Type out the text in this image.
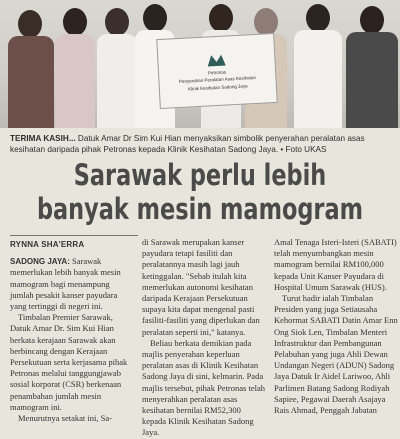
Petronas
Penyerahan Peralatan Asas Kesihatan
Klinik Kesihatan Sadong Jaya
TERIMA KASIH... Datuk Amar Dr Sim Kui Hian menyaksikan simbolik penyerahan peralatan asas kesihatan daripada pihak Petronas kepada Klinik Kesihatan Sadong Jaya. • Foto UKAS
Sarawak perlu lebih
banyak mesin mamogram
RYNNA SHA'ERRA

SADONG JAYA: Sarawak memerlukan lebih banyak mesin mamogram bagi menampung jumlah pesakit kanser payudara yang tertinggi di negeri ini.

Timbalan Premier Sarawak, Datuk Amar Dr. Sim Kui Hian berkata kerajaan Sarawak akan berbincang dengan Kerajaan Persekutuan serta kerjasama pihak Petronas melalui tanggungjawab sosial korporat (CSR) berkenaan penambahan jumlah mesin mamogram ini.

Menurutnya setakat ini, Sa-

di Sarawak merupakan kanser payudara tetapi fasiliti dan peralatannya masih lagi jauh ketinggalan. "Sebab itulah kita memerlukan autonomi kesihatan daripada Kerajaan Persekutuan supaya kita dapat mengenal pasti fasiliti-fasiliti yang diperlukan dan peralatan seperti ini," katanya.

Beliau berkata demikian pada majlis penyerahan keperluan peralatan asas di Klinik Kesihatan Sadong Jaya di sini, kelmarin. Pada majlis tersebut, pihak Petronas telah menyerahkan peralatan asas kesihatan bernilai RM52,300 kepada Klinik Kesihatan Sadong Jaya.

Amal Tenaga Isteri-Isteri (SABATI) telah menyumbangkan mesin mamogram bernilai RM100,000 kepada Unit Kanser Payudara di Hospital Umum Sarawak (HUS).

Turut hadir ialah Timbalan Presiden yang juga Setiausaha Kehormat SABATI Datin Amar Enn Ong Siok Len, Timbalan Menteri Infrastruktur dan Pembangunan Pelabuhan yang juga Ahli Dewan Undangan Negeri (ADUN) Sadong Jaya Datuk Ir Aidel Lariwoo, Ahli Parlimen Batang Sadong Rodiyah Sapiee, Pegawai Daerah Asajaya Rais Ahmad, Penggah Jabatan
